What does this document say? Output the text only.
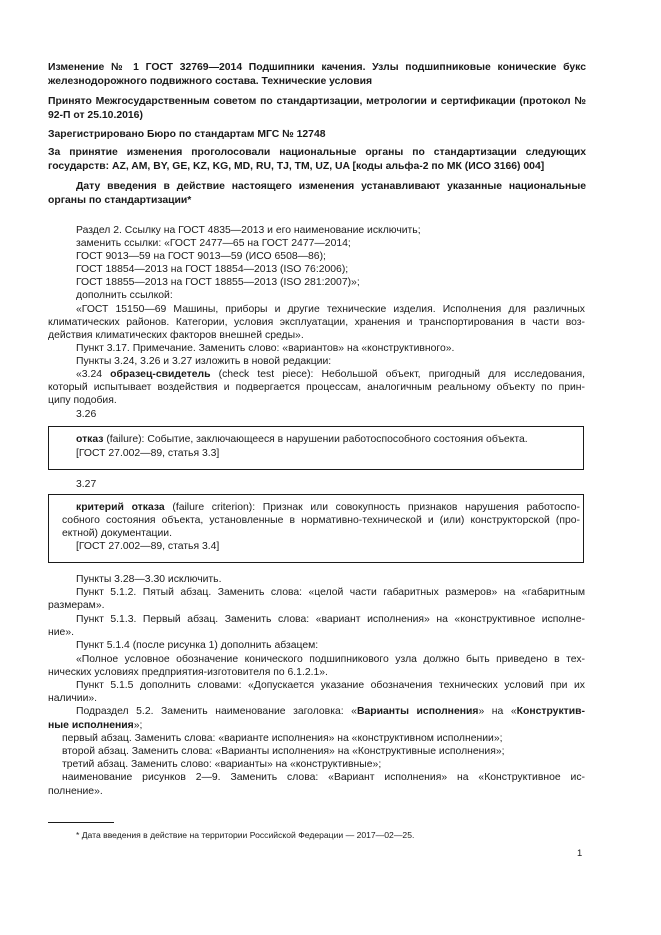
Изменение № 1 ГОСТ 32769—2014 Подшипники качения. Узлы подшипниковые конические букс железнодорожного подвижного состава. Технические условия
Принято Межгосударственным советом по стандартизации, метрологии и сертификации (протокол № 92-П от 25.10.2016)
Зарегистрировано Бюро по стандартам МГС № 12748
За принятие изменения проголосовали национальные органы по стандартизации следующих государств: AZ, AM, BY, GE, KZ, KG, MD, RU, TJ, TM, UZ, UA [коды альфа-2 по МК (ИСО 3166) 004]
Дату введения в действие настоящего изменения устанавливают указанные национальные органы по стандартизации*
Раздел 2. Ссылку на ГОСТ 4835—2013 и его наименование исключить;
заменить ссылки: «ГОСТ 2477—65 на ГОСТ 2477—2014;
ГОСТ 9013—59 на ГОСТ 9013—59 (ИСО 6508—86);
ГОСТ 18854—2013 на ГОСТ 18854—2013 (ISO 76:2006);
ГОСТ 18855—2013 на ГОСТ 18855—2013 (ISO 281:2007)»;
дополнить ссылкой:
«ГОСТ 15150—69 Машины, приборы и другие технические изделия. Исполнения для различных
климатических районов. Категории, условия эксплуатации, хранения и транспортирования в части воз-
действия климатических факторов внешней среды».
Пункт 3.17. Примечание. Заменить слово: «вариантов» на «конструктивного».
Пункты 3.24, 3.26 и 3.27 изложить в новой редакции:
«3.24 образец-свидетель (check test piece): Небольшой объект, пригодный для исследования,
который испытывает воздействия и подвергается процессам, аналогичным реальному объекту по прин-
ципу подобия.
3.26
отказ (failure): Событие, заключающееся в нарушении работоспособного состояния объекта.
[ГОСТ 27.002—89, статья 3.3]
3.27
критерий отказа (failure criterion): Признак или совокупность признаков нарушения работоспо-
собного состояния объекта, установленные в нормативно-технической и (или) конструкторской (про-
ектной) документации.
[ГОСТ 27.002—89, статья 3.4]
Пункты 3.28—3.30 исключить.
Пункт 5.1.2. Пятый абзац. Заменить слова: «целой части габаритных размеров» на «габаритным
размерам».
Пункт 5.1.3. Первый абзац. Заменить слова: «вариант исполнения» на «конструктивное исполне-
ние».
Пункт 5.1.4 (после рисунка 1) дополнить абзацем:
«Полное условное обозначение конического подшипникового узла должно быть приведено в тех-
нических условиях предприятия-изготовителя по 6.1.2.1».
Пункт 5.1.5 дополнить словами: «Допускается указание обозначения технических условий при их
наличии».
Подраздел 5.2. Заменить наименование заголовка: «Варианты исполнения» на «Конструктив-
ные исполнения»;
первый абзац. Заменить слова: «варианте исполнения» на «конструктивном исполнении»;
второй абзац. Заменить слова: «Варианты исполнения» на «Конструктивные исполнения»;
третий абзац. Заменить слово: «варианты» на «конструктивные»;
наименование рисунков 2—9. Заменить слова: «Вариант исполнения» на «Конструктивное ис-
полнение».
* Дата введения в действие на территории Российской Федерации — 2017—02—25.
1
